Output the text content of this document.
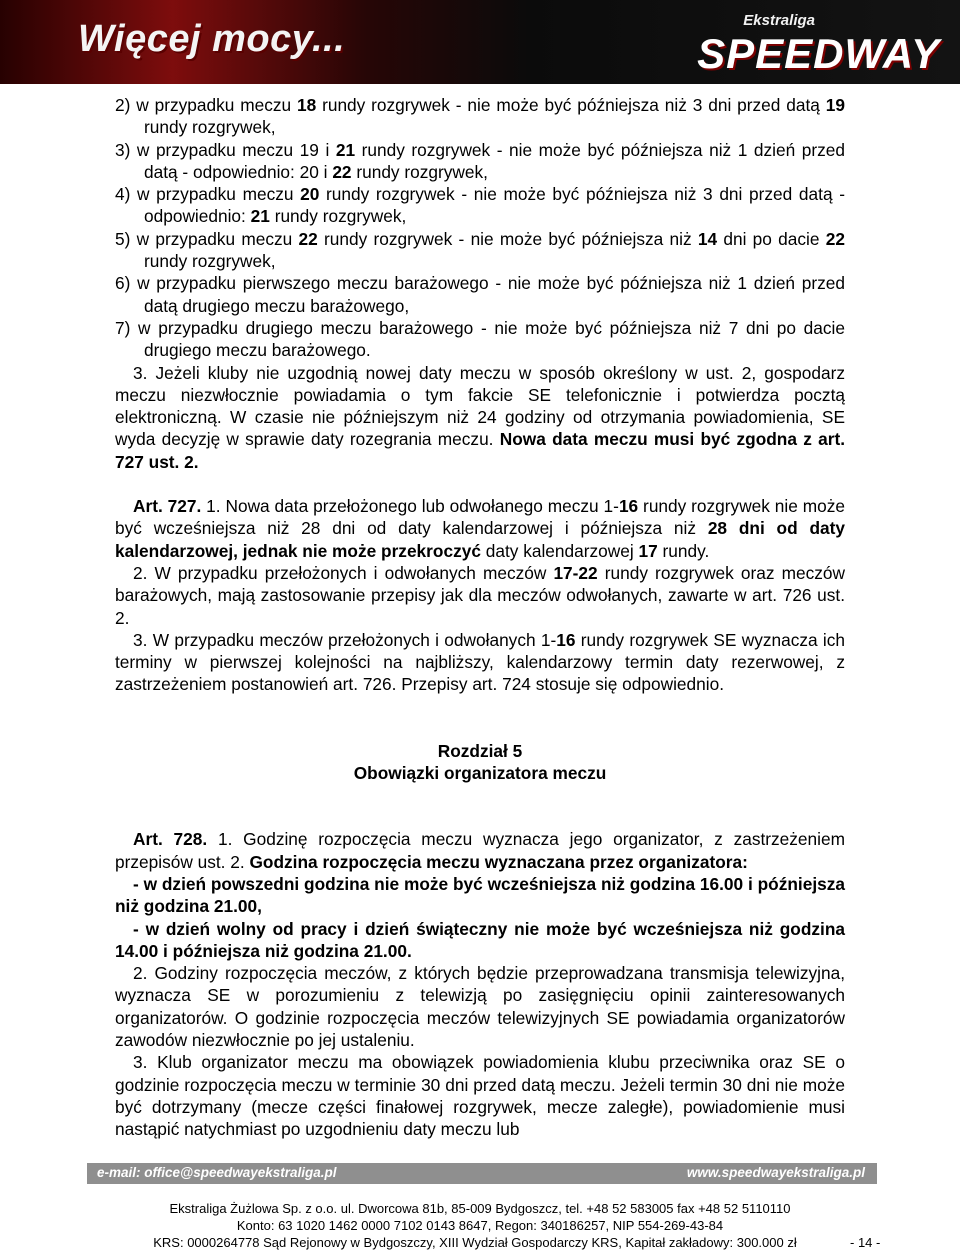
Więcej mocy...	Ekstraliga
SPEEDWAY

2) w przypadku meczu 18 rundy rozgrywek - nie może być późniejsza niż 3 dni przed datą 19 rundy rozgrywek,

3) w przypadku meczu 19 i 21 rundy rozgrywek - nie może być późniejsza niż 1 dzień przed datą - odpowiednio: 20 i 22 rundy rozgrywek,

4) w przypadku meczu 20 rundy rozgrywek - nie może być późniejsza niż 3 dni przed datą - odpowiednio: 21 rundy rozgrywek,

5) w przypadku meczu 22 rundy rozgrywek - nie może być późniejsza niż 14 dni po dacie 22 rundy rozgrywek,

6) w przypadku pierwszego meczu barażowego - nie może być późniejsza niż 1 dzień przed datą drugiego meczu barażowego,

7) w przypadku drugiego meczu barażowego - nie może być późniejsza niż 7 dni po dacie drugiego meczu barażowego.

3. Jeżeli kluby nie uzgodnią nowej daty meczu w sposób określony w ust. 2, gospodarz meczu niezwłocznie powiadamia o tym fakcie SE telefonicznie i potwierdza pocztą elektroniczną. W czasie nie późniejszym niż 24 godziny od otrzymania powiadomienia, SE wyda decyzję w sprawie daty rozegrania meczu. Nowa data meczu musi być zgodna z art. 727 ust. 2.

Art. 727. 1. Nowa data przełożonego lub odwołanego meczu 1-16 rundy rozgrywek nie może być wcześniejsza niż 28 dni od daty kalendarzowej i późniejsza niż 28 dni od daty kalendarzowej, jednak nie może przekroczyć daty kalendarzowej 17 rundy.

2. W przypadku przełożonych i odwołanych meczów 17-22 rundy rozgrywek oraz meczów barażowych, mają zastosowanie przepisy jak dla meczów odwołanych, zawarte w art. 726 ust. 2.

3. W przypadku meczów przełożonych i odwołanych 1-16 rundy rozgrywek SE wyznacza ich terminy w pierwszej kolejności na najbliższy, kalendarzowy termin daty rezerwowej, z zastrzeżeniem postanowień art. 726. Przepisy art. 724 stosuje się odpowiednio.

Rozdział 5

Obowiązki organizatora meczu

Art. 728. 1. Godzinę rozpoczęcia meczu wyznacza jego organizator, z zastrzeżeniem przepisów ust. 2. Godzina rozpoczęcia meczu wyznaczana przez organizatora:

- w dzień powszedni godzina nie może być wcześniejsza niż godzina 16.00 i późniejsza niż godzina 21.00,

- w dzień wolny od pracy i dzień świąteczny nie może być wcześniejsza niż godzina 14.00 i późniejsza niż godzina 21.00.

2. Godziny rozpoczęcia meczów, z których będzie przeprowadzana transmisja telewizyjna, wyznacza SE w porozumieniu z telewizją po zasięgnięciu opinii zainteresowanych organizatorów. O godzinie rozpoczęcia meczów telewizyjnych SE powiadamia organizatorów zawodów niezwłocznie po jej ustaleniu.

3. Klub organizator meczu ma obowiązek powiadomienia klubu przeciwnika oraz SE o godzinie rozpoczęcia meczu w terminie 30 dni przed datą meczu. Jeżeli termin 30 dni nie może być dotrzymany (mecze części finałowej rozgrywek, mecze zaległe), powiadomienie musi nastąpić natychmiast po uzgodnieniu daty meczu lub

e-mail: office@speedwayekstraliga.pl	www.speedwayekstraliga.pl
Ekstraliga Żużlowa Sp. z o.o. ul. Dworcowa 81b, 85-009 Bydgoszcz, tel. +48 52 583005 fax +48 52 5110110
Konto: 63 1020 1462 0000 7102 0143 8647, Regon: 340186257, NIP 554-269-43-84
KRS: 0000264778 Sąd Rejonowy w Bydgoszczy, XIII Wydział Gospodarczy KRS, Kapitał zakładowy: 300.000 zł	- 14 -
